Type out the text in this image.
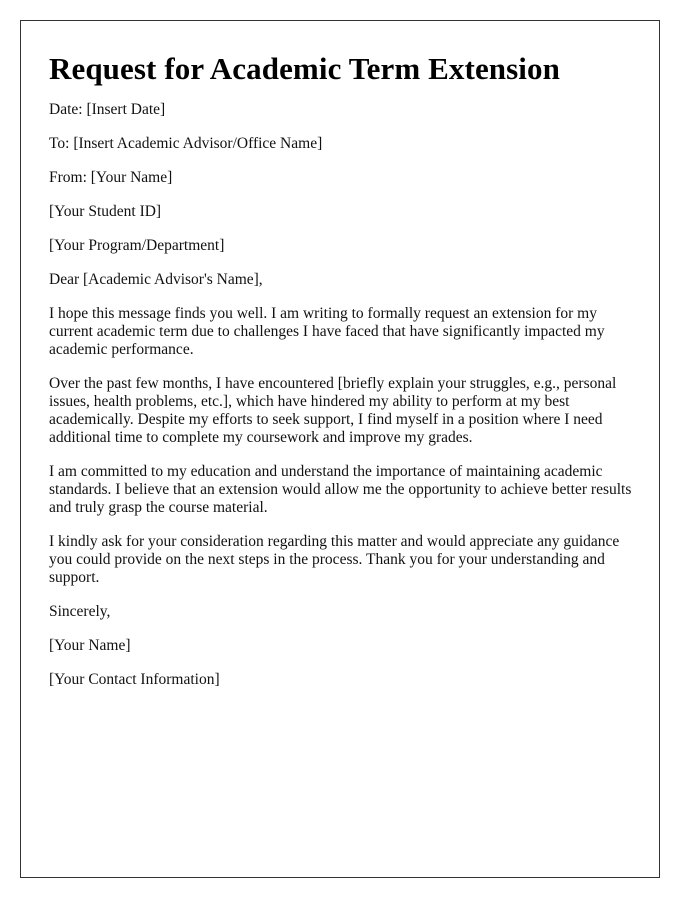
Request for Academic Term Extension

Date: [Insert Date]

To: [Insert Academic Advisor/Office Name]

From: [Your Name]

[Your Student ID]

[Your Program/Department]

Dear [Academic Advisor's Name],

I hope this message finds you well. I am writing to formally request an extension for my current academic term due to challenges I have faced that have significantly impacted my academic performance.

Over the past few months, I have encountered [briefly explain your struggles, e.g., personal issues, health problems, etc.], which have hindered my ability to perform at my best academically. Despite my efforts to seek support, I find myself in a position where I need additional time to complete my coursework and improve my grades.

I am committed to my education and understand the importance of maintaining academic standards. I believe that an extension would allow me the opportunity to achieve better results and truly grasp the course material.

I kindly ask for your consideration regarding this matter and would appreciate any guidance you could provide on the next steps in the process. Thank you for your understanding and support.

Sincerely,

[Your Name]

[Your Contact Information]
